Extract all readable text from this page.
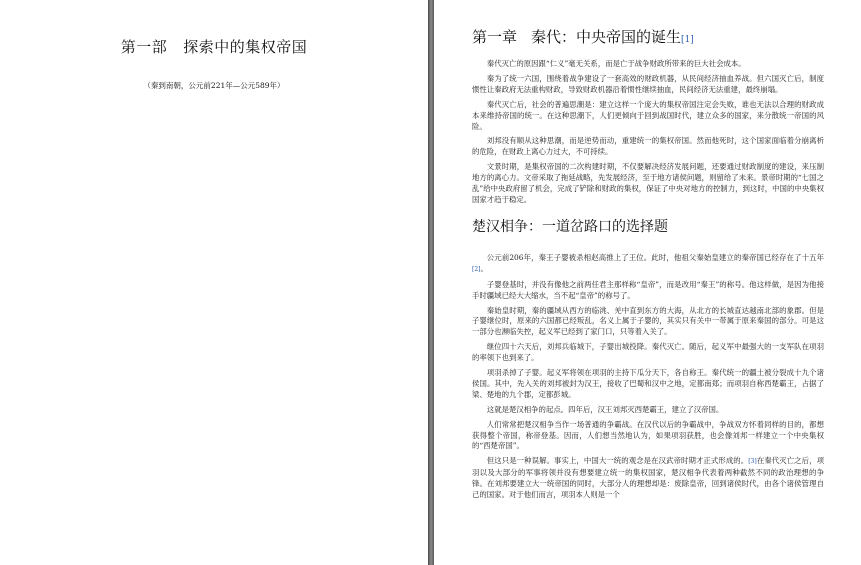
第一部 探索中的集权帝国
（秦到南朝，公元前221年—公元589年）
第一章 秦代：中央帝国的诞生[1]

秦代灭亡的原因跟“仁义”毫无关系，而是亡于战争财政所带来的巨大社会成本。

秦为了统一六国，围绕着战争建设了一套高效的财政机器，从民间经济抽血养战。但六国灭亡后，制度惯性让秦政府无法重构财政，导致财政机器沿着惯性继续抽血，民间经济无法重建，最终崩塌。

秦代灭亡后，社会的普遍思潮是：建立这样一个庞大的集权帝国注定会失败，谁也无法以合理的财政成本来维持帝国的统一。在这种思潮下，人们更倾向于回到战国时代，建立众多的国家，来分散统一帝国的风险。

刘邦没有顺从这种思潮，而是逆势而动，重建统一的集权帝国。然而他死时，这个国家面临着分崩离析的危险，在财政上离心力过大，不可持续。

文景时期，是集权帝国的二次构建时期，不仅要解决经济发展问题，还要通过财政制度的建设，来压制地方的离心力。文帝采取了拖延战略，先发展经济，至于地方诸侯问题，则留给了未来。景帝时期的“七国之乱”给中央政府留了机会，完成了铲除和财政的集权，保证了中央对地方的控制力，到这时，中国的中央集权国家才趋于稳定。

楚汉相争：一道岔路口的选择题

公元前206年，秦王子婴被杀相赵高推上了王位。此时，他祖父秦始皇建立的秦帝国已经存在了十五年[2]。

子婴登基时，并没有像他之前两任君主那样称“皇帝”，而是改用“秦王”的称号。他这样做，是因为他接手时疆域已经大大缩水，当不起“皇帝”的称号了。

秦始皇时期，秦的疆域从西方的临洮、羌中直到东方的大海，从北方的长城直达越南北部的象郡。但是子婴继位时，原来的六国都已经叛乱，名义上属于子婴的，其实只有关中一带属于原来秦国的部分。可是这一部分也濒临失控，起义军已经到了家门口，只等着入关了。

继位四十六天后，刘邦兵临城下，子婴出城投降。秦代灭亡。随后，起义军中最强大的一支军队在项羽的率领下也到来了。

项羽杀掉了子婴。起义军将领在项羽的主持下瓜分天下，各自称王。秦代统一的疆土被分裂成十九个诸侯国。其中，先入关的刘邦被封为汉王，接收了巴蜀和汉中之地，定都南郑；而项羽自称西楚霸王，占据了梁、楚地的九个郡，定都彭城。

这就是楚汉相争的起点。四年后，汉王刘邦灭西楚霸王，建立了汉帝国。

人们常常把楚汉相争当作一场普通的争霸战。在汉代以后的争霸战中，争战双方怀着同样的目的，都想获得整个帝国，称帝登基。因而，人们想当然地认为，如果项羽获胜，也会像刘邦一样建立一个中央集权的“西楚帝国”。

但这只是一种误解。事实上，中国大一统的观念是在汉武帝时期才正式形成的。[3]在秦代灭亡之后，项羽以及大部分的军事将领并没有想要建立统一的集权国家，楚汉相争代表着两种截然不同的政治理想的争锋。在刘邦要建立大一统帝国的同时，大部分人的理想却是：废除皇帝，回到诸侯时代，由各个诸侯管理自己的国家。对于他们而言，项羽本人则是一个
